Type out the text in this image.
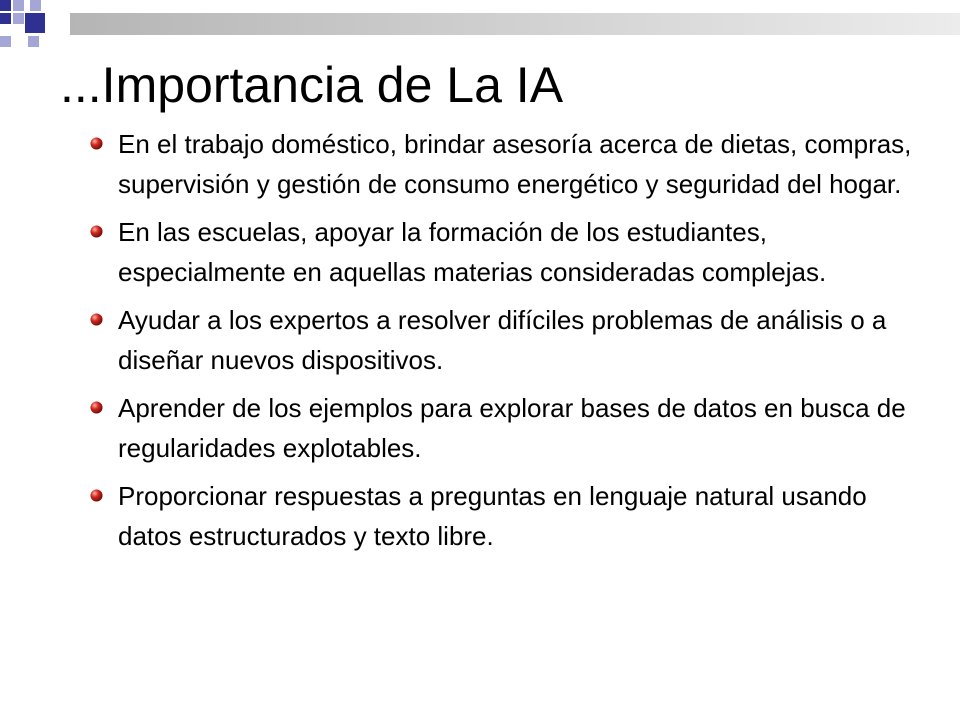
...Importancia de La IA
En el trabajo doméstico, brindar asesoría acerca de dietas, compras, supervisión y gestión de consumo energético y seguridad del hogar.
En las escuelas, apoyar la formación de los estudiantes, especialmente en aquellas materias consideradas complejas.
Ayudar a los expertos a resolver difíciles problemas de análisis o a diseñar nuevos dispositivos.
Aprender de los ejemplos para explorar bases de datos en busca de regularidades explotables.
Proporcionar respuestas a preguntas en lenguaje natural usando datos estructurados y texto libre.
